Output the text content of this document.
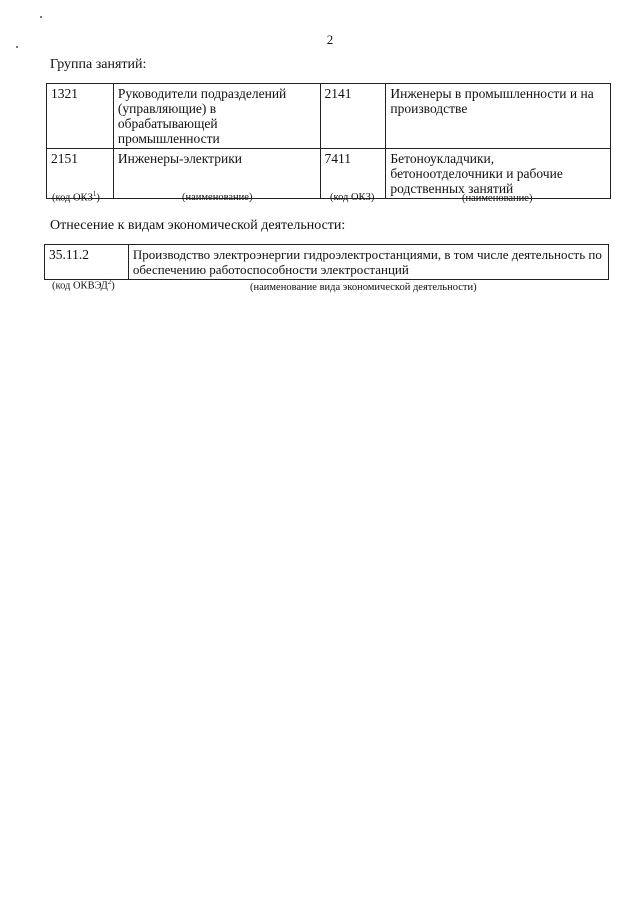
2
Группа занятий:
1321	Руководители подразделений (управляющие) в обрабатывающей промышленности	2141	Инженеры в промышленности и на производстве
2151	Инженеры-электрики	7411	Бетоноукладчики, бетоноотделочники и рабочие родственных занятий
(код ОКЗ$^1$)	(наименование)	(код ОКЗ)	(наименование)
Отнесение к видам экономической деятельности:
35.11.2	Производство электроэнергии гидроэлектростанциями, в том числе деятельность по обеспечению работоспособности электростанций
(код ОКВЭД$^2$)	(наименование вида экономической деятельности)
